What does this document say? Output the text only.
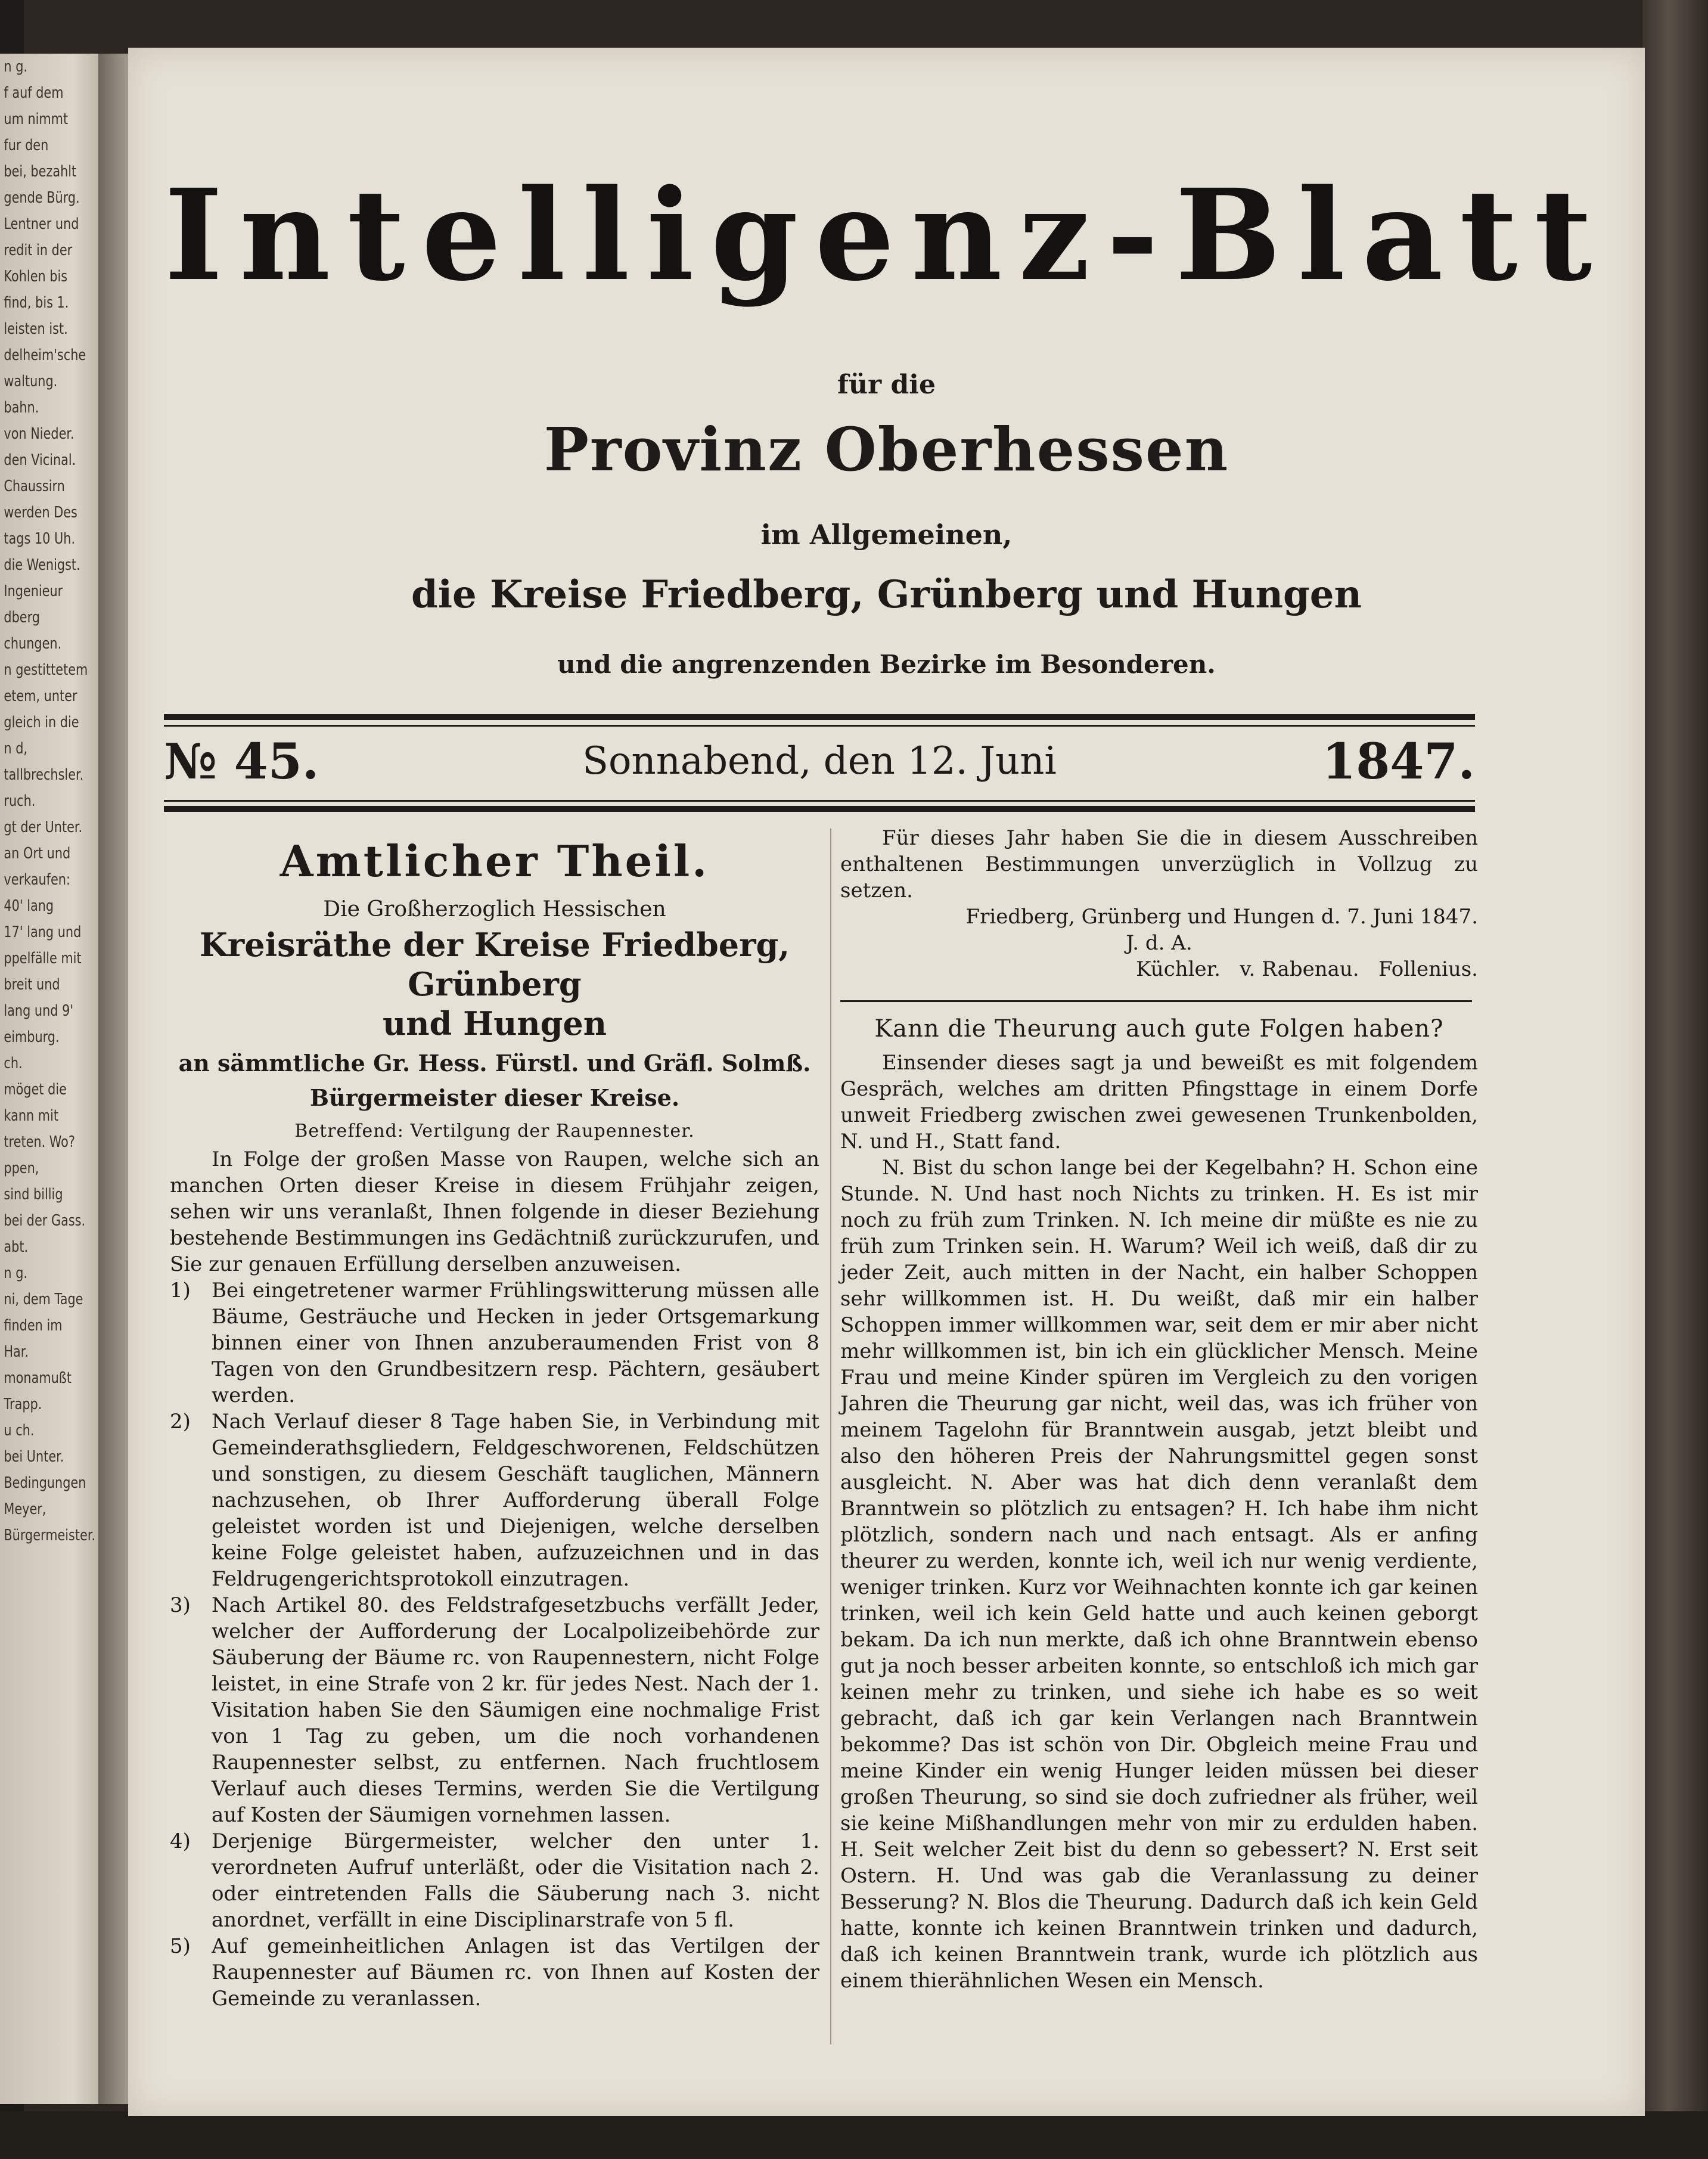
n g.
f auf dem
um nimmt
fur den
bei, bezahlt
gende Bürg.
Lentner und
redit in der
Kohlen bis
find, bis 1.
leisten ist.
delheim'sche
waltung.
bahn.
von Nieder.
den Vicinal.
Chaussirn
werden Des
tags 10 Uh.
die Wenigst.
Ingenieur
dberg
chungen.
n gestittetem
etem, unter
gleich in die
n d,
tallbrechsler.
ruch.
gt der Unter.
an Ort und
verkaufen:
40' lang
17' lang und
ppelfälle mit
breit und
lang und 9'
eimburg.
ch.
möget die
kann mit
treten. Wo?
ppen,
sind billig
bei der Gass.
abt.
n g.
ni, dem Tage
finden im
Har.
monamußt
Trapp.
u ch.
bei Unter.
Bedingungen
Meyer,
Bürgermeister.
Intelligenz-Blatt
für die
Provinz Oberhessen
im Allgemeinen,
die Kreise Friedberg, Grünberg und Hungen
und die angrenzenden Bezirke im Besonderen.
Sonnabend, den 12. Juni
№ 45.	1847.
Amtlicher Theil.
Die Großherzoglich Hessischen
Kreisräthe der Kreise Friedberg, Grünberg
und Hungen
an sämmtliche Gr. Hess. Fürstl. und Gräfl. Solmß.
Bürgermeister dieser Kreise.
Betreffend: Vertilgung der Raupennester.

In Folge der großen Masse von Raupen, welche sich an manchen Orten dieser Kreise in diesem Frühjahr zeigen, sehen wir uns veranlaßt, Ihnen folgende in dieser Beziehung bestehende Bestimmungen ins Gedächtniß zurückzurufen, und Sie zur genauen Erfüllung derselben anzuweisen.

1)	Bei eingetretener warmer Frühlingswitterung müssen alle Bäume, Gesträuche und Hecken in jeder Ortsgemarkung binnen einer von Ihnen anzuberaumenden Frist von 8 Tagen von den Grundbesitzern resp. Pächtern, gesäubert werden.
2)	Nach Verlauf dieser 8 Tage haben Sie, in Verbindung mit Gemeinderathsgliedern, Feldgeschworenen, Feldschützen und sonstigen, zu diesem Geschäft tauglichen, Männern nachzusehen, ob Ihrer Aufforderung überall Folge geleistet worden ist und Diejenigen, welche derselben keine Folge geleistet haben, aufzuzeichnen und in das Feldrugengerichtsprotokoll einzutragen.
3)	Nach Artikel 80. des Feldstrafgesetzbuchs verfällt Jeder, welcher der Aufforderung der Localpolizeibehörde zur Säuberung der Bäume rc. von Raupennestern, nicht Folge leistet, in eine Strafe von 2 kr. für jedes Nest. Nach der 1. Visitation haben Sie den Säumigen eine nochmalige Frist von 1 Tag zu geben, um die noch vorhandenen Raupennester selbst, zu entfernen. Nach fruchtlosem Verlauf auch dieses Termins, werden Sie die Vertilgung auf Kosten der Säumigen vornehmen lassen.
4)	Derjenige Bürgermeister, welcher den unter 1. verordneten Aufruf unterläßt, oder die Visitation nach 2. oder eintretenden Falls die Säuberung nach 3. nicht anordnet, verfällt in eine Disciplinarstrafe von 5 fl.
5)	Auf gemeinheitlichen Anlagen ist das Vertilgen der Raupennester auf Bäumen rc. von Ihnen auf Kosten der Gemeinde zu veranlassen.

Für dieses Jahr haben Sie die in diesem Ausschreiben enthaltenen Bestimmungen unverzüglich in Vollzug zu setzen.

Friedberg, Grünberg und Hungen d. 7. Juni 1847.
J. d. A.
Küchler.   v. Rabenau.   Follenius.
Kann die Theurung auch gute Folgen haben?

Einsender dieses sagt ja und beweißt es mit folgendem Gespräch, welches am dritten Pfingsttage in einem Dorfe unweit Friedberg zwischen zwei gewesenen Trunkenbolden, N. und H., Statt fand.

N. Bist du schon lange bei der Kegelbahn? H. Schon eine Stunde. N. Und hast noch Nichts zu trinken. H. Es ist mir noch zu früh zum Trinken. N. Ich meine dir müßte es nie zu früh zum Trinken sein. H. Warum? Weil ich weiß, daß dir zu jeder Zeit, auch mitten in der Nacht, ein halber Schoppen sehr willkommen ist. H. Du weißt, daß mir ein halber Schoppen immer willkommen war, seit dem er mir aber nicht mehr willkommen ist, bin ich ein glücklicher Mensch. Meine Frau und meine Kinder spüren im Vergleich zu den vorigen Jahren die Theurung gar nicht, weil das, was ich früher von meinem Tagelohn für Branntwein ausgab, jetzt bleibt und also den höheren Preis der Nahrungsmittel gegen sonst ausgleicht. N. Aber was hat dich denn veranlaßt dem Branntwein so plötzlich zu entsagen? H. Ich habe ihm nicht plötzlich, sondern nach und nach entsagt. Als er anfing theurer zu werden, konnte ich, weil ich nur wenig verdiente, weniger trinken. Kurz vor Weihnachten konnte ich gar keinen trinken, weil ich kein Geld hatte und auch keinen geborgt bekam. Da ich nun merkte, daß ich ohne Branntwein ebenso gut ja noch besser arbeiten konnte, so entschloß ich mich gar keinen mehr zu trinken, und siehe ich habe es so weit gebracht, daß ich gar kein Verlangen nach Branntwein bekomme? Das ist schön von Dir. Obgleich meine Frau und meine Kinder ein wenig Hunger leiden müssen bei dieser großen Theurung, so sind sie doch zufriedner als früher, weil sie keine Mißhandlungen mehr von mir zu erdulden haben. H. Seit welcher Zeit bist du denn so gebessert? N. Erst seit Ostern. H. Und was gab die Veranlassung zu deiner Besserung? N. Blos die Theurung. Dadurch daß ich kein Geld hatte, konnte ich keinen Branntwein trinken und dadurch, daß ich keinen Branntwein trank, wurde ich plötzlich aus einem thierähnlichen Wesen ein Mensch.
